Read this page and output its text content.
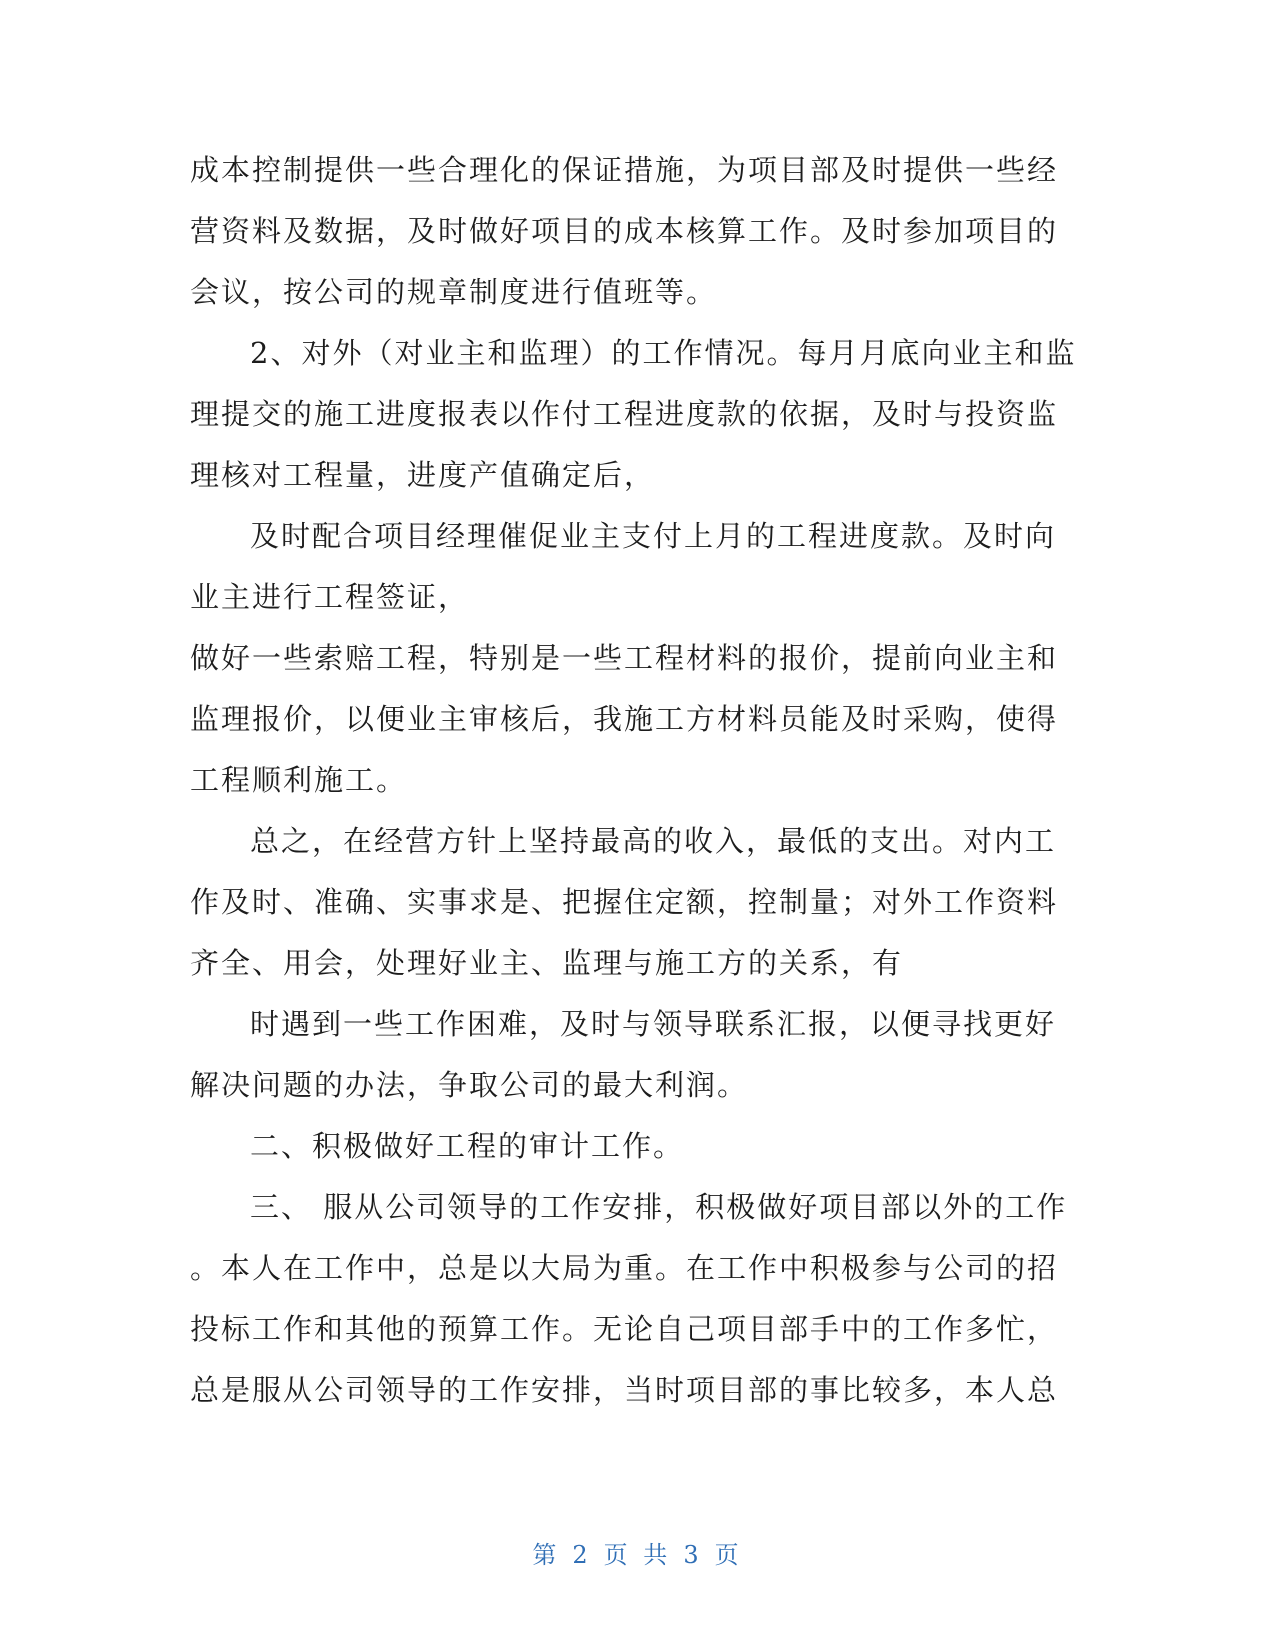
成本控制提供一些合理化的保证措施，为项目部及时提供一些经
营资料及数据，及时做好项目的成本核算工作。及时参加项目的
会议，按公司的规章制度进行值班等。
2、对外（对业主和监理）的工作情况。每月月底向业主和监
理提交的施工进度报表以作付工程进度款的依据，及时与投资监
理核对工程量，进度产值确定后，
及时配合项目经理催促业主支付上月的工程进度款。及时向
业主进行工程签证，
做好一些索赔工程，特别是一些工程材料的报价，提前向业主和
监理报价，以便业主审核后，我施工方材料员能及时采购，使得
工程顺利施工。
总之，在经营方针上坚持最高的收入，最低的支出。对内工
作及时、准确、实事求是、把握住定额，控制量；对外工作资料
齐全、用会，处理好业主、监理与施工方的关系，有
时遇到一些工作困难，及时与领导联系汇报，以便寻找更好
解决问题的办法，争取公司的最大利润。
二、积极做好工程的审计工作。
三、 服从公司领导的工作安排，积极做好项目部以外的工作
。本人在工作中，总是以大局为重。在工作中积极参与公司的招
投标工作和其他的预算工作。无论自己项目部手中的工作多忙，
总是服从公司领导的工作安排，当时项目部的事比较多，本人总
第 2 页 共 3 页
